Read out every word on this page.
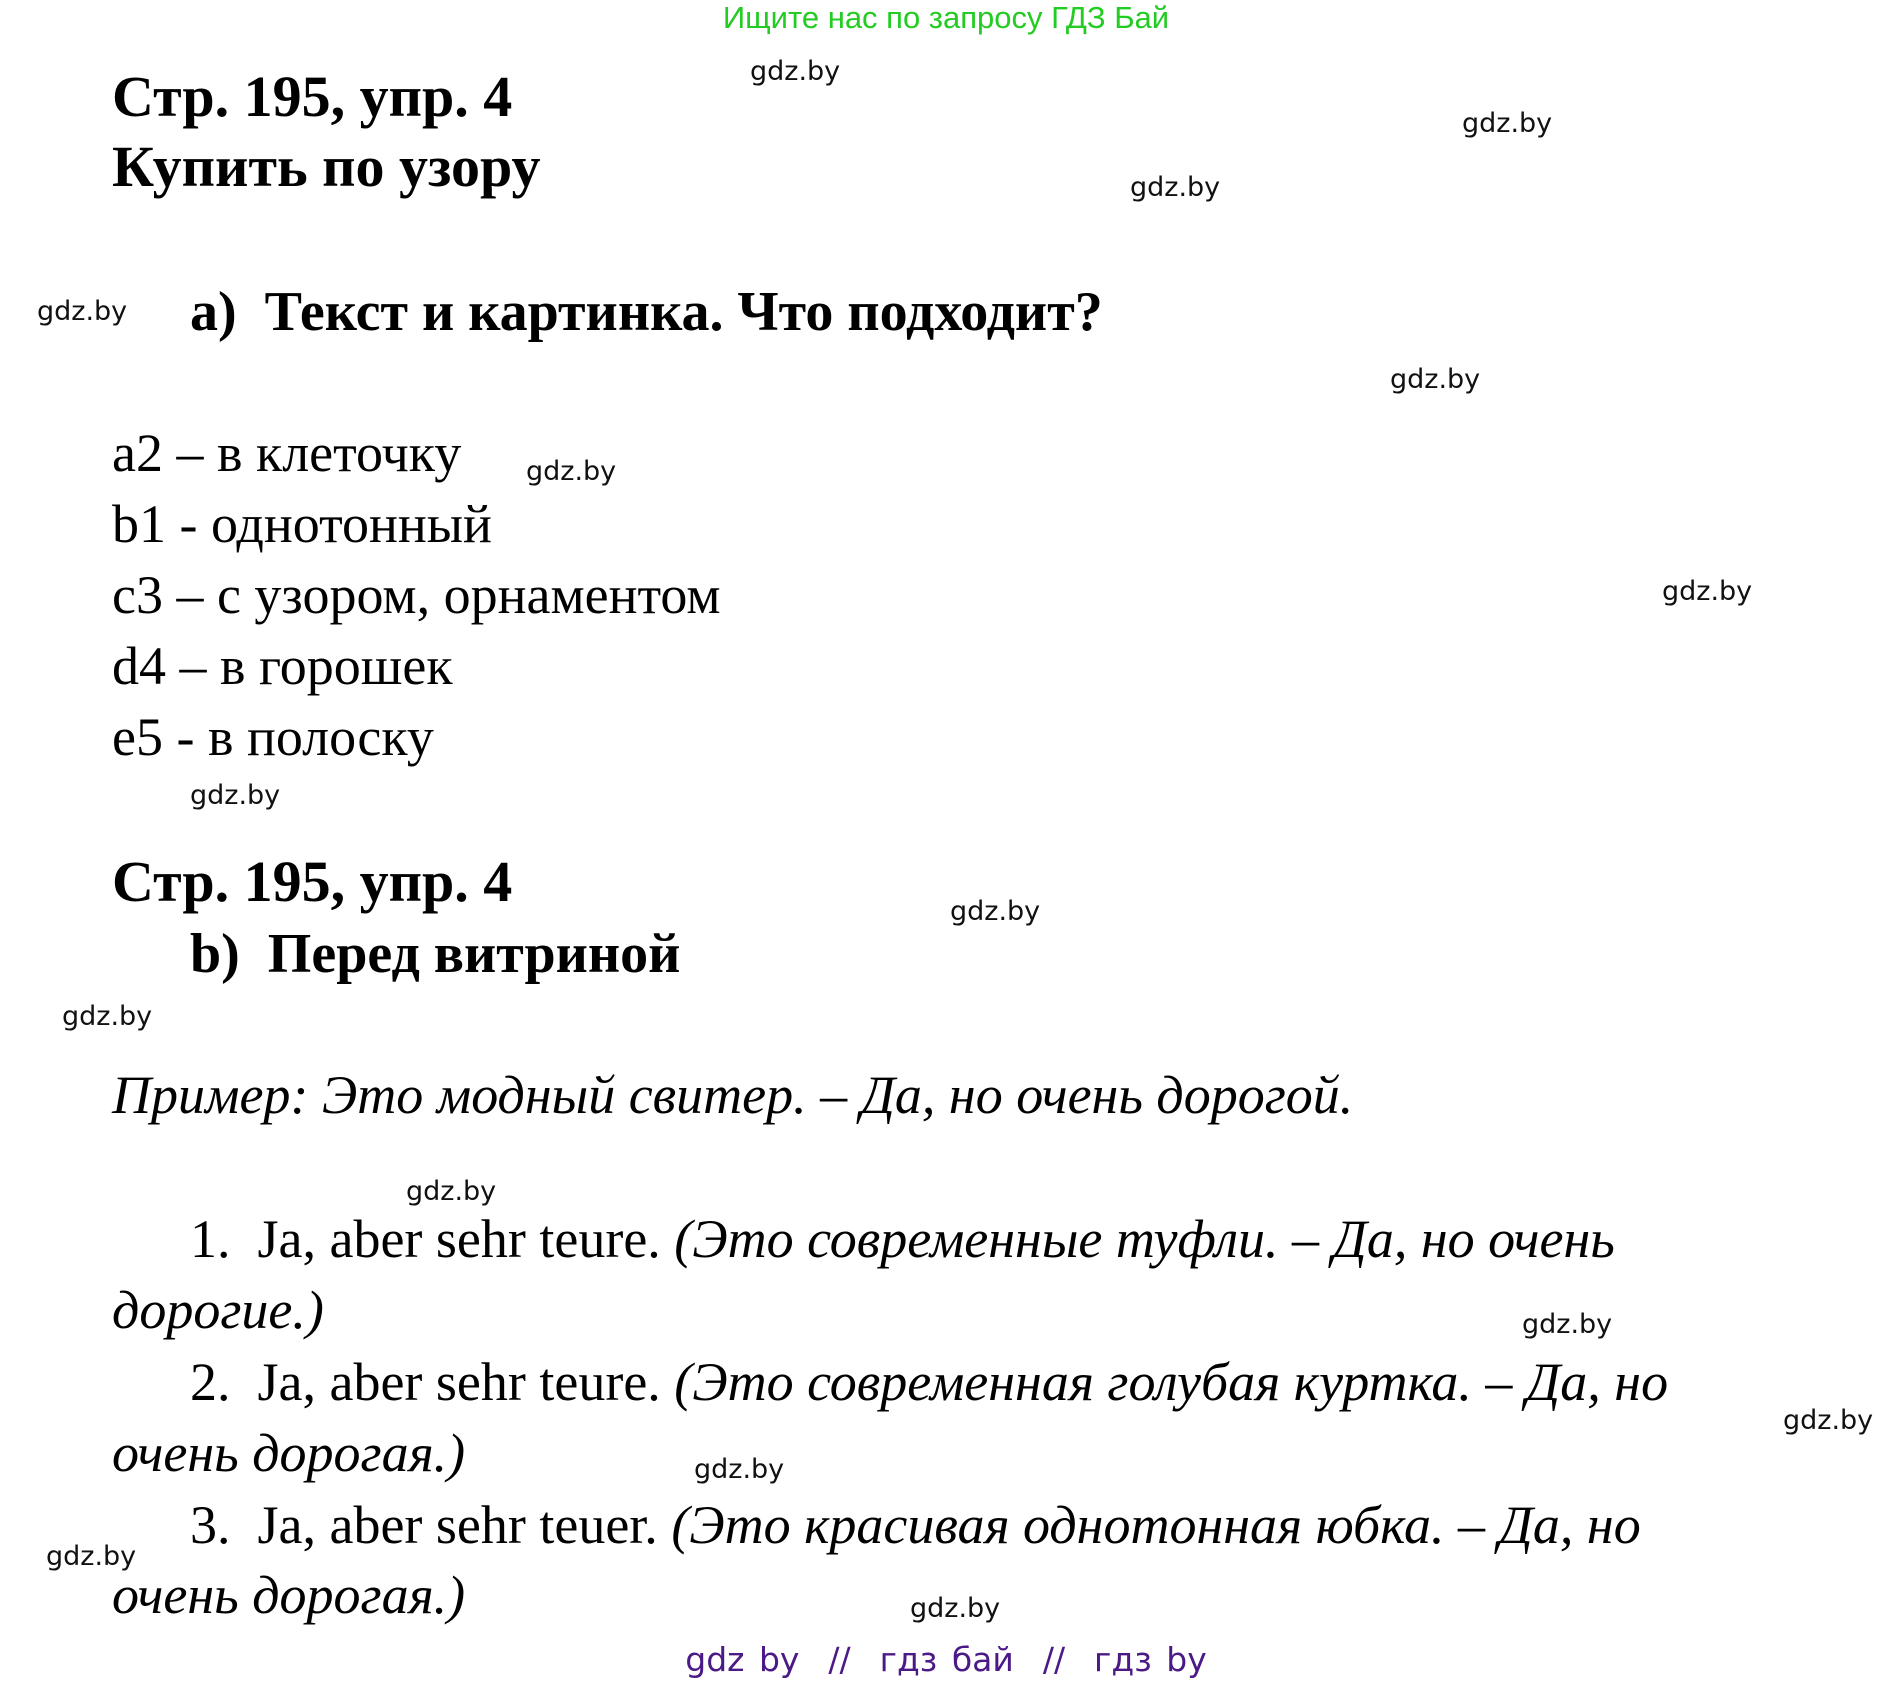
Ищите нас по запросу ГДЗ Бай
Стр. 195, упр. 4
Купить по узору
a)  Текст и картинка. Что подходит?
a2 – в клеточку
b1 - однотонный
c3 – с узором, орнаментом
d4 – в горошек
e5 - в полоску
Стр. 195, упр. 4
b)  Перед витриной
Пример: Это модный свитер. – Да, но очень дорогой.
1. Ja, aber sehr teure. (Это современные туфли. – Да, но очень
дорогие.)
2. Ja, aber sehr teure. (Это современная голубая куртка. – Да, но
очень дорогая.)
3. Ja, aber sehr teuer. (Это красивая однотонная юбка. – Да, но
очень дорогая.)
gdz.by
gdz.by
gdz.by
gdz.by
gdz.by
gdz.by
gdz.by
gdz.by
gdz.by
gdz.by
gdz.by
gdz.by
gdz.by
gdz.by
gdz.by
gdz.by
gdz by  //  гдз бай  //  гдз by
